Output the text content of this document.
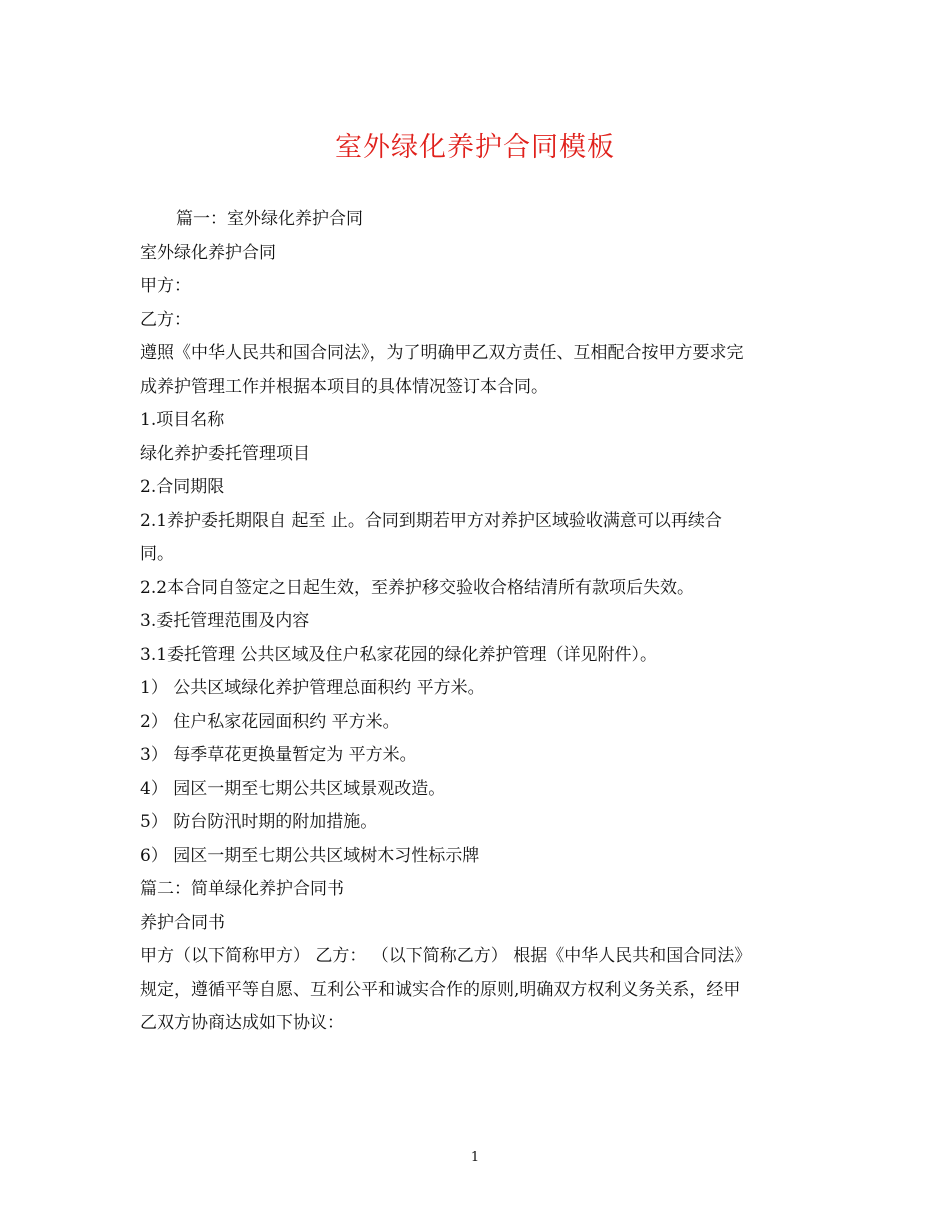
室外绿化养护合同模板

篇一：室外绿化养护合同

室外绿化养护合同

甲方：

乙方：

遵照《中华人民共和国合同法》，为了明确甲乙双方责任、互相配合按甲方要求完

成养护管理工作并根据本项目的具体情况签订本合同。

1.项目名称

绿化养护委托管理项目

2.合同期限

2.1养护委托期限自 起至 止。合同到期若甲方对养护区域验收满意可以再续合

同。

2.2本合同自签定之日起生效，至养护移交验收合格结清所有款项后失效。

3.委托管理范围及内容

3.1委托管理 公共区域及住户私家花园的绿化养护管理（详见附件）。

1） 公共区域绿化养护管理总面积约 平方米。

2） 住户私家花园面积约 平方米。

3） 每季草花更换量暂定为 平方米。

4） 园区一期至七期公共区域景观改造。

5） 防台防汛时期的附加措施。

6） 园区一期至七期公共区域树木习性标示牌

篇二：简单绿化养护合同书

养护合同书

甲方（以下简称甲方） 乙方： （以下简称乙方） 根据《中华人民共和国合同法》

规定，遵循平等自愿、互利公平和诚实合作的原则,明确双方权利义务关系，经甲

乙双方协商达成如下协议：

1
